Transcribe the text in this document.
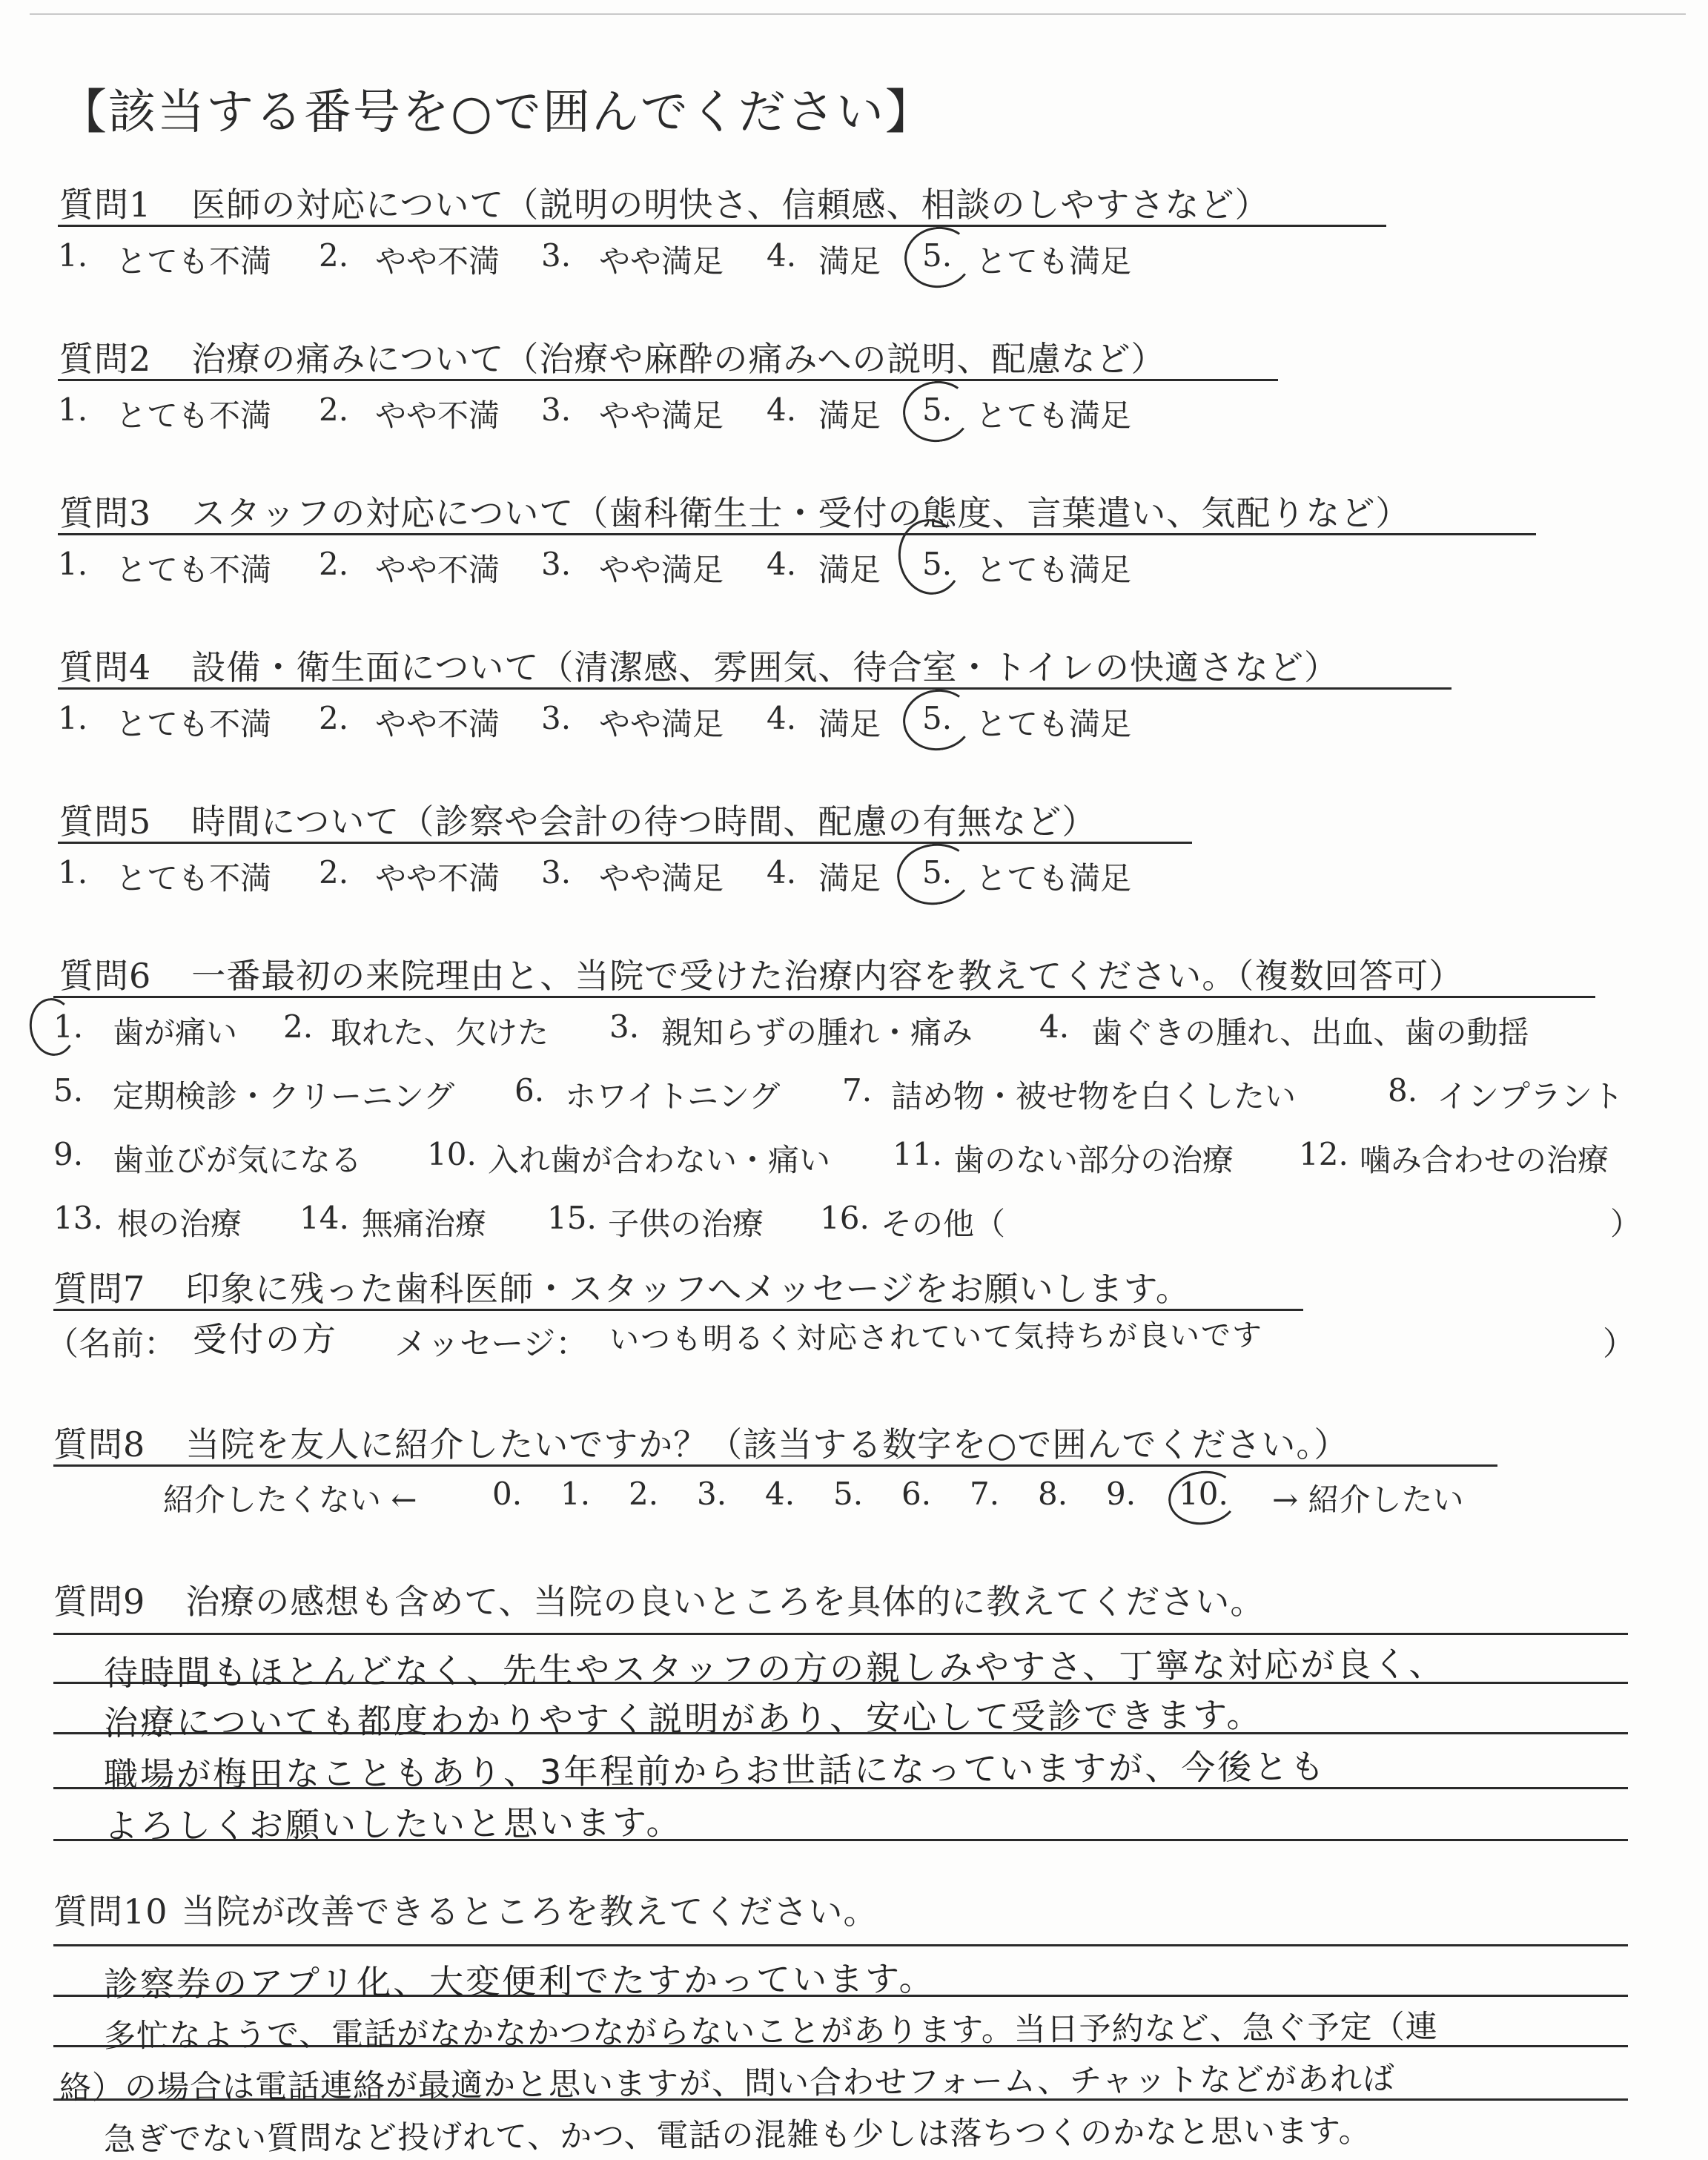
【該当する番号を○で囲んでください】
質問1 医師の対応について（説明の明快さ、信頼感、相談のしやすさなど）
1. とても不満 2. やや不満 3. やや満足 4. 満足 5. とても満足
質問2 治療の痛みについて（治療や麻酔の痛みへの説明、配慮など）
1. とても不満 2. やや不満 3. やや満足 4. 満足 5. とても満足
質問3 スタッフの対応について（歯科衛生士・受付の態度、言葉遣い、気配りなど）
1. とても不満 2. やや不満 3. やや満足 4. 満足 5. とても満足
質問4 設備・衛生面について（清潔感、雰囲気、待合室・トイレの快適さなど）
1. とても不満 2. やや不満 3. やや満足 4. 満足 5. とても満足
質問5 時間について（診察や会計の待つ時間、配慮の有無など）
1. とても不満 2. やや不満 3. やや満足 4. 満足 5. とても満足
質問6 一番最初の来院理由と、当院で受けた治療内容を教えてください。（複数回答可）
1. 歯が痛い 2. 取れた、欠けた 3. 親知らずの腫れ・痛み 4. 歯ぐきの腫れ、出血、歯の動揺
5. 定期検診・クリーニング 6. ホワイトニング 7. 詰め物・被せ物を白くしたい	8. インプラント
9. 歯並びが気になる 10. 入れ歯が合わない・痛い 11. 歯のない部分の治療 12. 噛み合わせの治療
13. 根の治療 14. 無痛治療 15. 子供の治療 16. その他（	）
質問7 印象に残った歯科医師・スタッフへメッセージをお願いします。
（名前： 受付の方 メッセージ： いつも明るく対応されていて気持ちが良いです	）
質問8 当院を友人に紹介したいですか？（該当する数字を○で囲んでください。）
紹介したくない ← 0. 1. 2. 3. 4. 5. 6. 7. 8. 9. 10. → 紹介したい
質問9 治療の感想も含めて、当院の良いところを具体的に教えてください。
待時間もほとんどなく、先生やスタッフの方の親しみやすさ、丁寧な対応が良く、
治療についても都度わかりやすく説明があり、安心して受診できます。
職場が梅田なこともあり、3年程前からお世話になっていますが、今後とも
よろしくお願いしたいと思います。
質問10 当院が改善できるところを教えてください。
診察券のアプリ化、大変便利でたすかっています。
多忙なようで、電話がなかなかつながらないことがあります。当日予約など、急ぐ予定（連
絡）の場合は電話連絡が最適かと思いますが、問い合わせフォーム、チャットなどがあれば
急ぎでない質問など投げれて、かつ、電話の混雑も少しは落ちつくのかなと思います。
